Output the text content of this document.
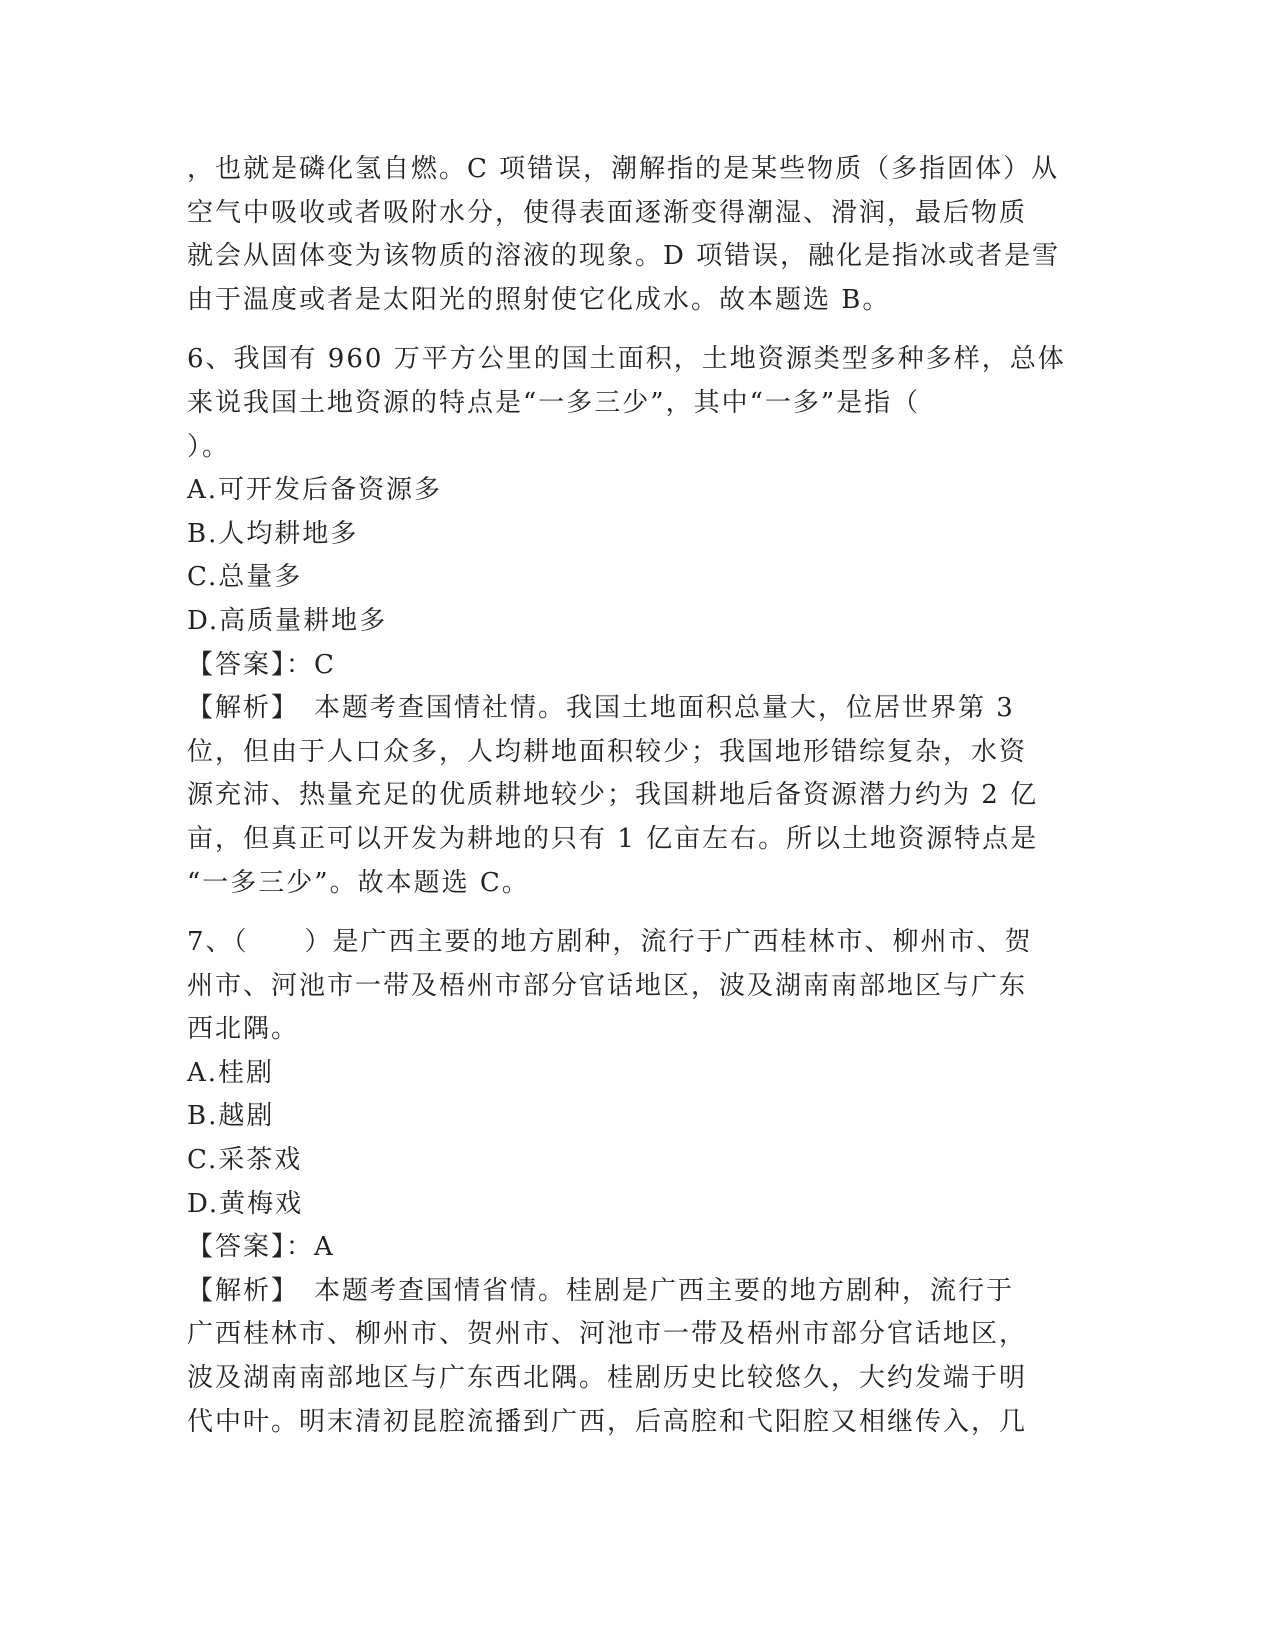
，也就是磷化氢自燃。C 项错误，潮解指的是某些物质（多指固体）从
空气中吸收或者吸附水分，使得表面逐渐变得潮湿、滑润，最后物质
就会从固体变为该物质的溶液的现象。D 项错误，融化是指冰或者是雪
由于温度或者是太阳光的照射使它化成水。故本题选 B。
6、我国有 960 万平方公里的国土面积，土地资源类型多种多样，总体
来说我国土地资源的特点是“一多三少”，其中“一多”是指（
）。
A.可开发后备资源多
B.人均耕地多
C.总量多
D.高质量耕地多
【答案】：C
【解析】　本题考查国情社情。我国土地面积总量大，位居世界第 3
位，但由于人口众多，人均耕地面积较少；我国地形错综复杂，水资
源充沛、热量充足的优质耕地较少；我国耕地后备资源潜力约为 2 亿
亩，但真正可以开发为耕地的只有 1 亿亩左右。所以土地资源特点是
“一多三少”。故本题选 C。
7、（　　）是广西主要的地方剧种，流行于广西桂林市、柳州市、贺
州市、河池市一带及梧州市部分官话地区，波及湖南南部地区与广东
西北隅。
A.桂剧
B.越剧
C.采茶戏
D.黄梅戏
【答案】：A
【解析】　本题考查国情省情。桂剧是广西主要的地方剧种，流行于
广西桂林市、柳州市、贺州市、河池市一带及梧州市部分官话地区，
波及湖南南部地区与广东西北隅。桂剧历史比较悠久，大约发端于明
代中叶。明末清初昆腔流播到广西，后高腔和弋阳腔又相继传入，几
